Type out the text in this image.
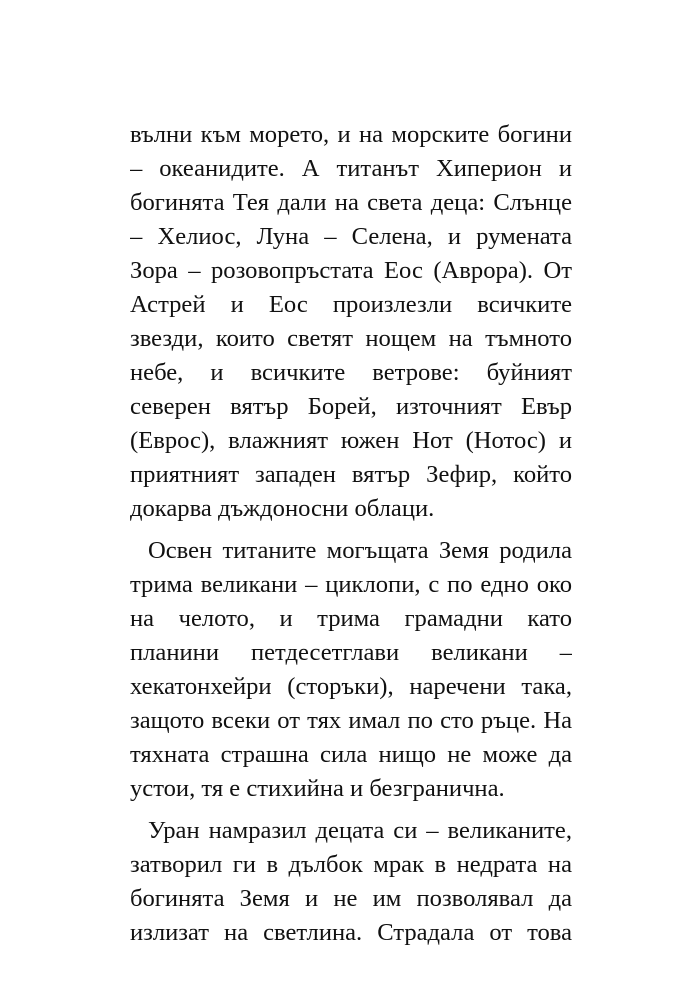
вълни към морето, и на морските богини
– океанидите. А титанът Хиперион и
богинята Тея дали на света деца: Слънце
– Хелиос, Луна – Селена, и румената
Зора – розовопръстата Еос (Аврора). От
Астрей и Еос произлезли всичките
звезди, които светят нощем на тъмното
небе, и всичките ветрове: буйният
северен вятър Борей, източният Евър
(Еврос), влажният южен Нот (Нотос) и
приятният западен вятър Зефир, който
докарва дъждоносни облаци.
Освен титаните могъщата Земя родила
трима великани – циклопи, с по едно око
на челото, и трима грамадни като
планини петдесетглави великани –
хекатонхейри (сторъки), наречени така,
защото всеки от тях имал по сто ръце. На
тяхната страшна сила нищо не може да
устои, тя е стихийна и безгранична.
Уран намразил децата си – великаните,
затворил ги в дълбок мрак в недрата на
богинята Земя и не им позволявал да
излизат на светлина. Страдала от това
